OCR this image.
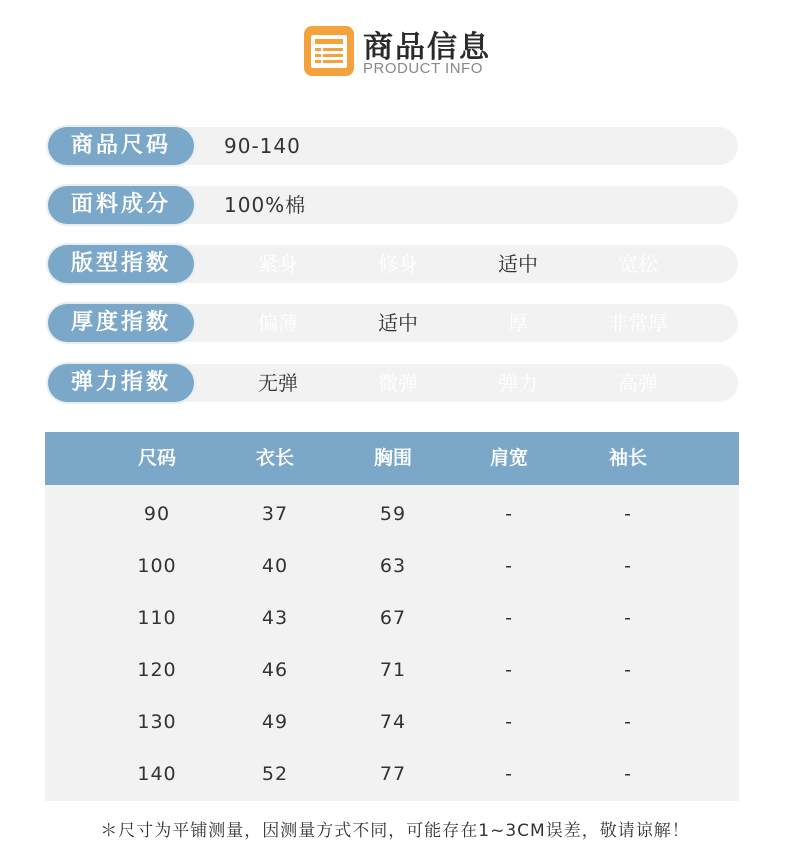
商品信息
PRODUCT INFO
商品尺码	90-140
面料成分	100%棉
版型指数	紧身	修身	适中	宽松
厚度指数	偏薄	适中	厚	非常厚
弹力指数	无弹	微弹	弹力	高弹
尺码	衣长	胸围	肩宽	袖长
90	37	59	-	-
100	40	63	-	-
110	43	67	-	-
120	46	71	-	-
130	49	74	-	-
140	52	77	-	-
＊尺寸为平铺测量，因测量方式不同，可能存在1~3CM误差，敬请谅解！
